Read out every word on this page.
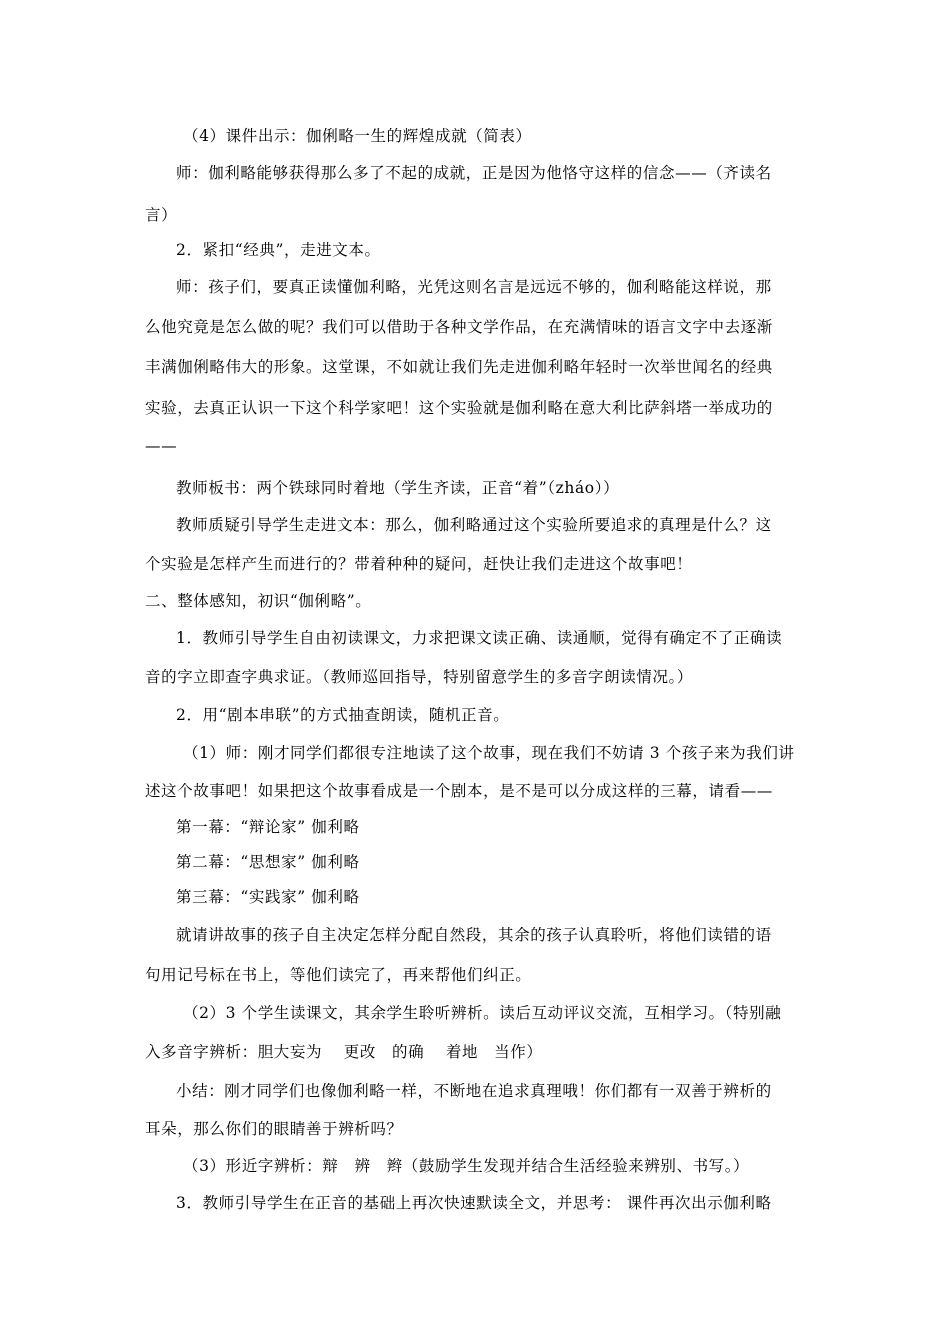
（4）课件出示：伽俐略一生的辉煌成就（简表）
师：伽利略能够获得那么多了不起的成就，正是因为他恪守这样的信念——（齐读名
言）
2．紧扣“经典”，走进文本。
师：孩子们，要真正读懂伽利略，光凭这则名言是远远不够的，伽利略能这样说，那
么他究竟是怎么做的呢？我们可以借助于各种文学作品，在充满情味的语言文字中去逐渐
丰满伽俐略伟大的形象。这堂课，不如就让我们先走进伽利略年轻时一次举世闻名的经典
实验，去真正认识一下这个科学家吧！这个实验就是伽利略在意大利比萨斜塔一举成功的
——
教师板书：两个铁球同时着地（学生齐读，正音“着”（zháo））
教师质疑引导学生走进文本：那么，伽利略通过这个实验所要追求的真理是什么？这
个实验是怎样产生而进行的？带着种种的疑问，赶快让我们走进这个故事吧！
二、整体感知，初识“伽俐略”。
1．教师引导学生自由初读课文，力求把课文读正确、读通顺，觉得有确定不了正确读
音的字立即查字典求证。（教师巡回指导，特别留意学生的多音字朗读情况。）
2．用“剧本串联”的方式抽查朗读，随机正音。
（1）师：刚才同学们都很专注地读了这个故事，现在我们不妨请 3 个孩子来为我们讲
述这个故事吧！如果把这个故事看成是一个剧本，是不是可以分成这样的三幕，请看——
第一幕：“辩论家” 伽利略
第二幕：“思想家” 伽利略
第三幕：“实践家” 伽利略
就请讲故事的孩子自主决定怎样分配自然段，其余的孩子认真聆听，将他们读错的语
句用记号标在书上，等他们读完了，再来帮他们纠正。
（2）3 个学生读课文，其余学生聆听辨析。读后互动评议交流，互相学习。（特别融
入多音字辨析：胆大妄为　 更改　的确　 着地　当作）
小结：刚才同学们也像伽利略一样，不断地在追求真理哦！你们都有一双善于辨析的
耳朵，那么你们的眼睛善于辨析吗？
（3）形近字辨析：辩　辨　辫（鼓励学生发现并结合生活经验来辨别、书写。）
3．教师引导学生在正音的基础上再次快速默读全文，并思考： 课件再次出示伽利略
